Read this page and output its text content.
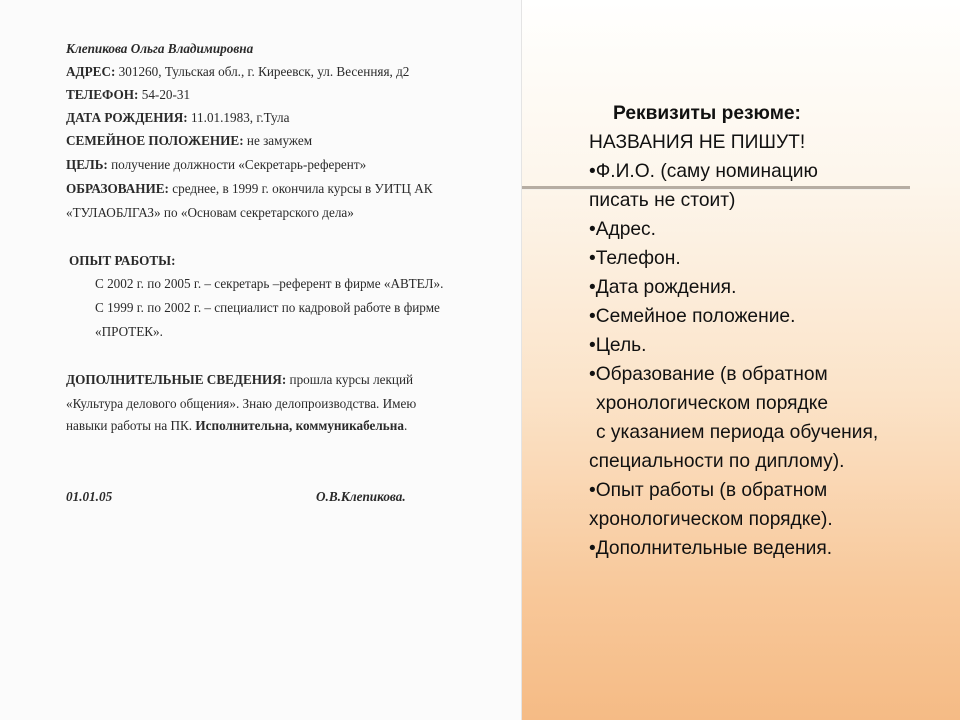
Клепикова Ольга Владимировна
АДРЕС: 301260, Тульская обл., г. Киреевск, ул. Весенняя, д2
ТЕЛЕФОН: 54-20-31
ДАТА РОЖДЕНИЯ: 11.01.1983, г.Тула
СЕМЕЙНОЕ ПОЛОЖЕНИЕ: не замужем
ЦЕЛЬ: получение должности «Секретарь-референт»
ОБРАЗОВАНИЕ: среднее, в 1999 г. окончила курсы в УИТЦ АК
«ТУЛАОБЛГАЗ» по «Основам секретарского дела»
ОПЫТ РАБОТЫ:
С 2002 г. по 2005 г. – секретарь –референт в фирме «АВТЕЛ».
С 1999 г. по 2002 г. – специалист по кадровой работе в фирме
«ПРОТЕК».
ДОПОЛНИТЕЛЬНЫЕ СВЕДЕНИЯ: прошла курсы лекций
«Культура делового общения». Знаю делопроизводства. Имею
навыки работы на ПК. Исполнительна, коммуникабельна.
01.01.05	О.В.Клепикова.
Реквизиты резюме:
НАЗВАНИЯ НЕ ПИШУТ!
•Ф.И.О. (саму номинацию
писать не стоит)
•Адрес.
•Телефон.
•Дата рождения.
•Семейное положение.
•Цель.
•Образование (в обратном
хронологическом порядке
с указанием периода обучения,
специальности по диплому).
•Опыт работы (в обратном
хронологическом порядке).
•Дополнительные ведения.
